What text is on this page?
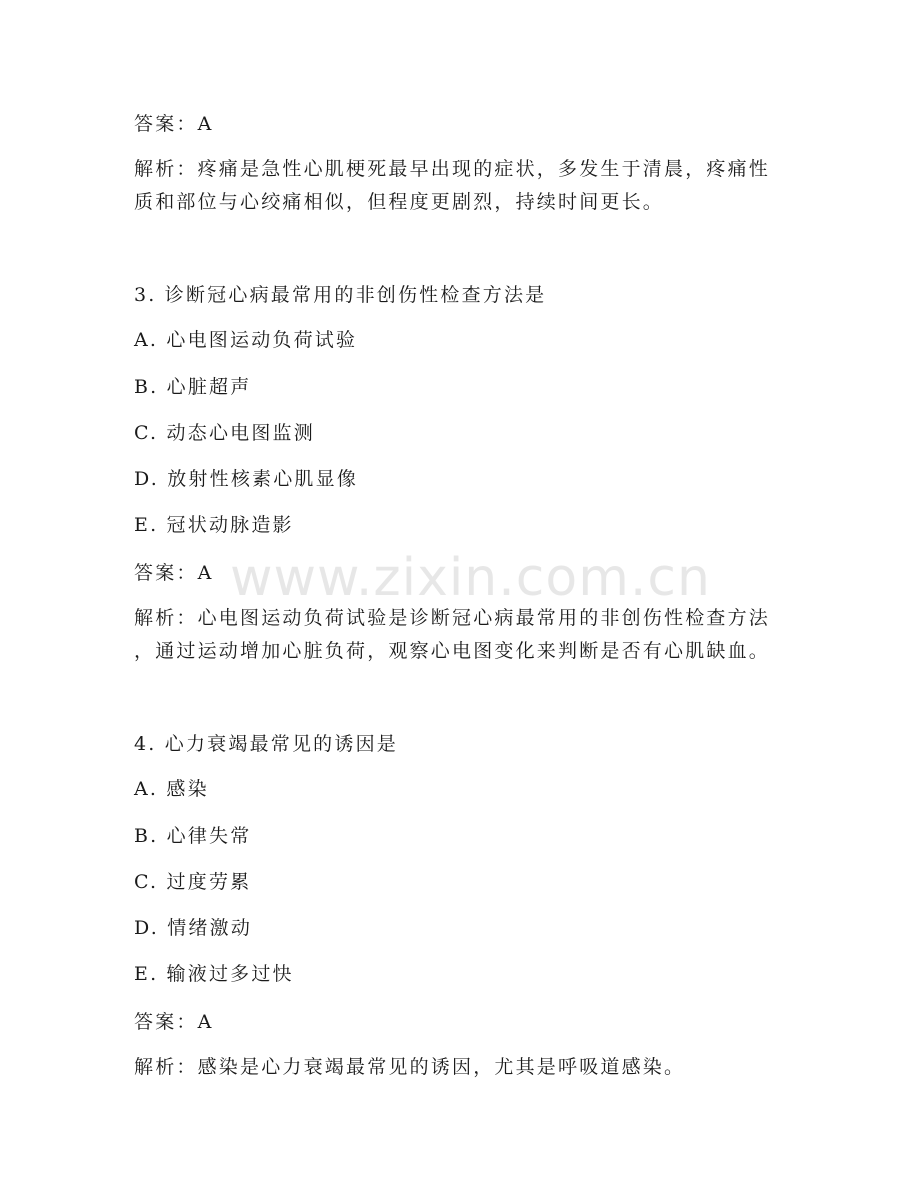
www.zixin.com.cn
答案：A
解析：疼痛是急性心肌梗死最早出现的症状，多发生于清晨，疼痛性
质和部位与心绞痛相似，但程度更剧烈，持续时间更长。
3. 诊断冠心病最常用的非创伤性检查方法是
A. 心电图运动负荷试验
B. 心脏超声
C. 动态心电图监测
D. 放射性核素心肌显像
E. 冠状动脉造影
答案：A
解析：心电图运动负荷试验是诊断冠心病最常用的非创伤性检查方法
，通过运动增加心脏负荷，观察心电图变化来判断是否有心肌缺血。
4. 心力衰竭最常见的诱因是
A. 感染
B. 心律失常
C. 过度劳累
D. 情绪激动
E. 输液过多过快
答案：A
解析：感染是心力衰竭最常见的诱因，尤其是呼吸道感染。
